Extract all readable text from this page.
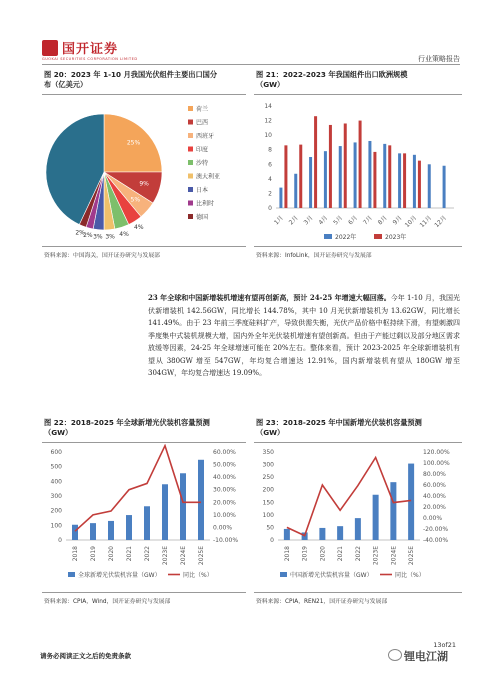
国开证券
GUOKAI SECURITIES CORPORATION LIMITED	行业策略报告
图 20：2023 年 1-10 月我国光伏组件主要出口国分
布（亿美元）
图 21：2022-2023 年我国组件出口欧洲规模
（GW）
25%
9%
5%
4%
4%
3%
3%
2%
2%
荷兰
巴西
西班牙
印度
沙特
澳大利亚
日本
比利时
德国
0
2
4
6
8
10
12
14
1月 2月 3月 4月 5月 6月 7月 8月 9月 10月 11月 12月
2022年	2023年
资料来源：中国海关，国开证券研究与发展部	资料来源：InfoLink，国开证券研究与发展部
23 年全球和中国新增装机增速有望再创新高，预计 24-25 年增速大幅回落。今年 1-10 月，我国光伏新增装机 142.56GW，同比增长 144.78%，其中 10 月光伏新增装机为 13.62GW，同比增长 141.49%。由于 23 年前三季度硅料扩产，导致供需失衡，光伏产品价格中枢持续下滑，有望刺激四季度集中式装机规模大增，国内外全年光伏装机增速有望创新高。但由于产能过剩以及部分地区需求放缓等因素，24-25 年全球增速可能在 20%左右。整体来看，预计 2023-2025 年全球新增装机有望从 380GW 增至 547GW，年均复合增速达 12.91%，国内新增装机有望从 180GW 增至 304GW，年均复合增速达 19.09%。
图 22：2018-2025 年全球新增光伏装机容量预测
（GW）
图 23：2018-2025 年中国新增光伏装机容量预测
（GW）
0
100
200
300
400
500
600
-10.00%
0.00%
10.00%
20.00%
30.00%
40.00%
50.00%
60.00%
2018 2019 2020 2021 2022 2023E 2024E 2025E
全球新增光伏装机容量（GW）	同比（%）
0
50
100
150
200
250
300
350
-40.00%
-20.00%
0.00%
20.00%
40.00%
60.00%
80.00%
100.00%
120.00%
2018 2019 2020 2021 2022 2023E 2024E 2025E
中国新增光伏装机容量（GW）	同比（%）
资料来源：CPIA，Wind，国开证券研究与发展部	资料来源：CPIA，REN21，国开证券研究与发展部
13of21
请务必阅读正文之后的免责条款	锂电江湖
